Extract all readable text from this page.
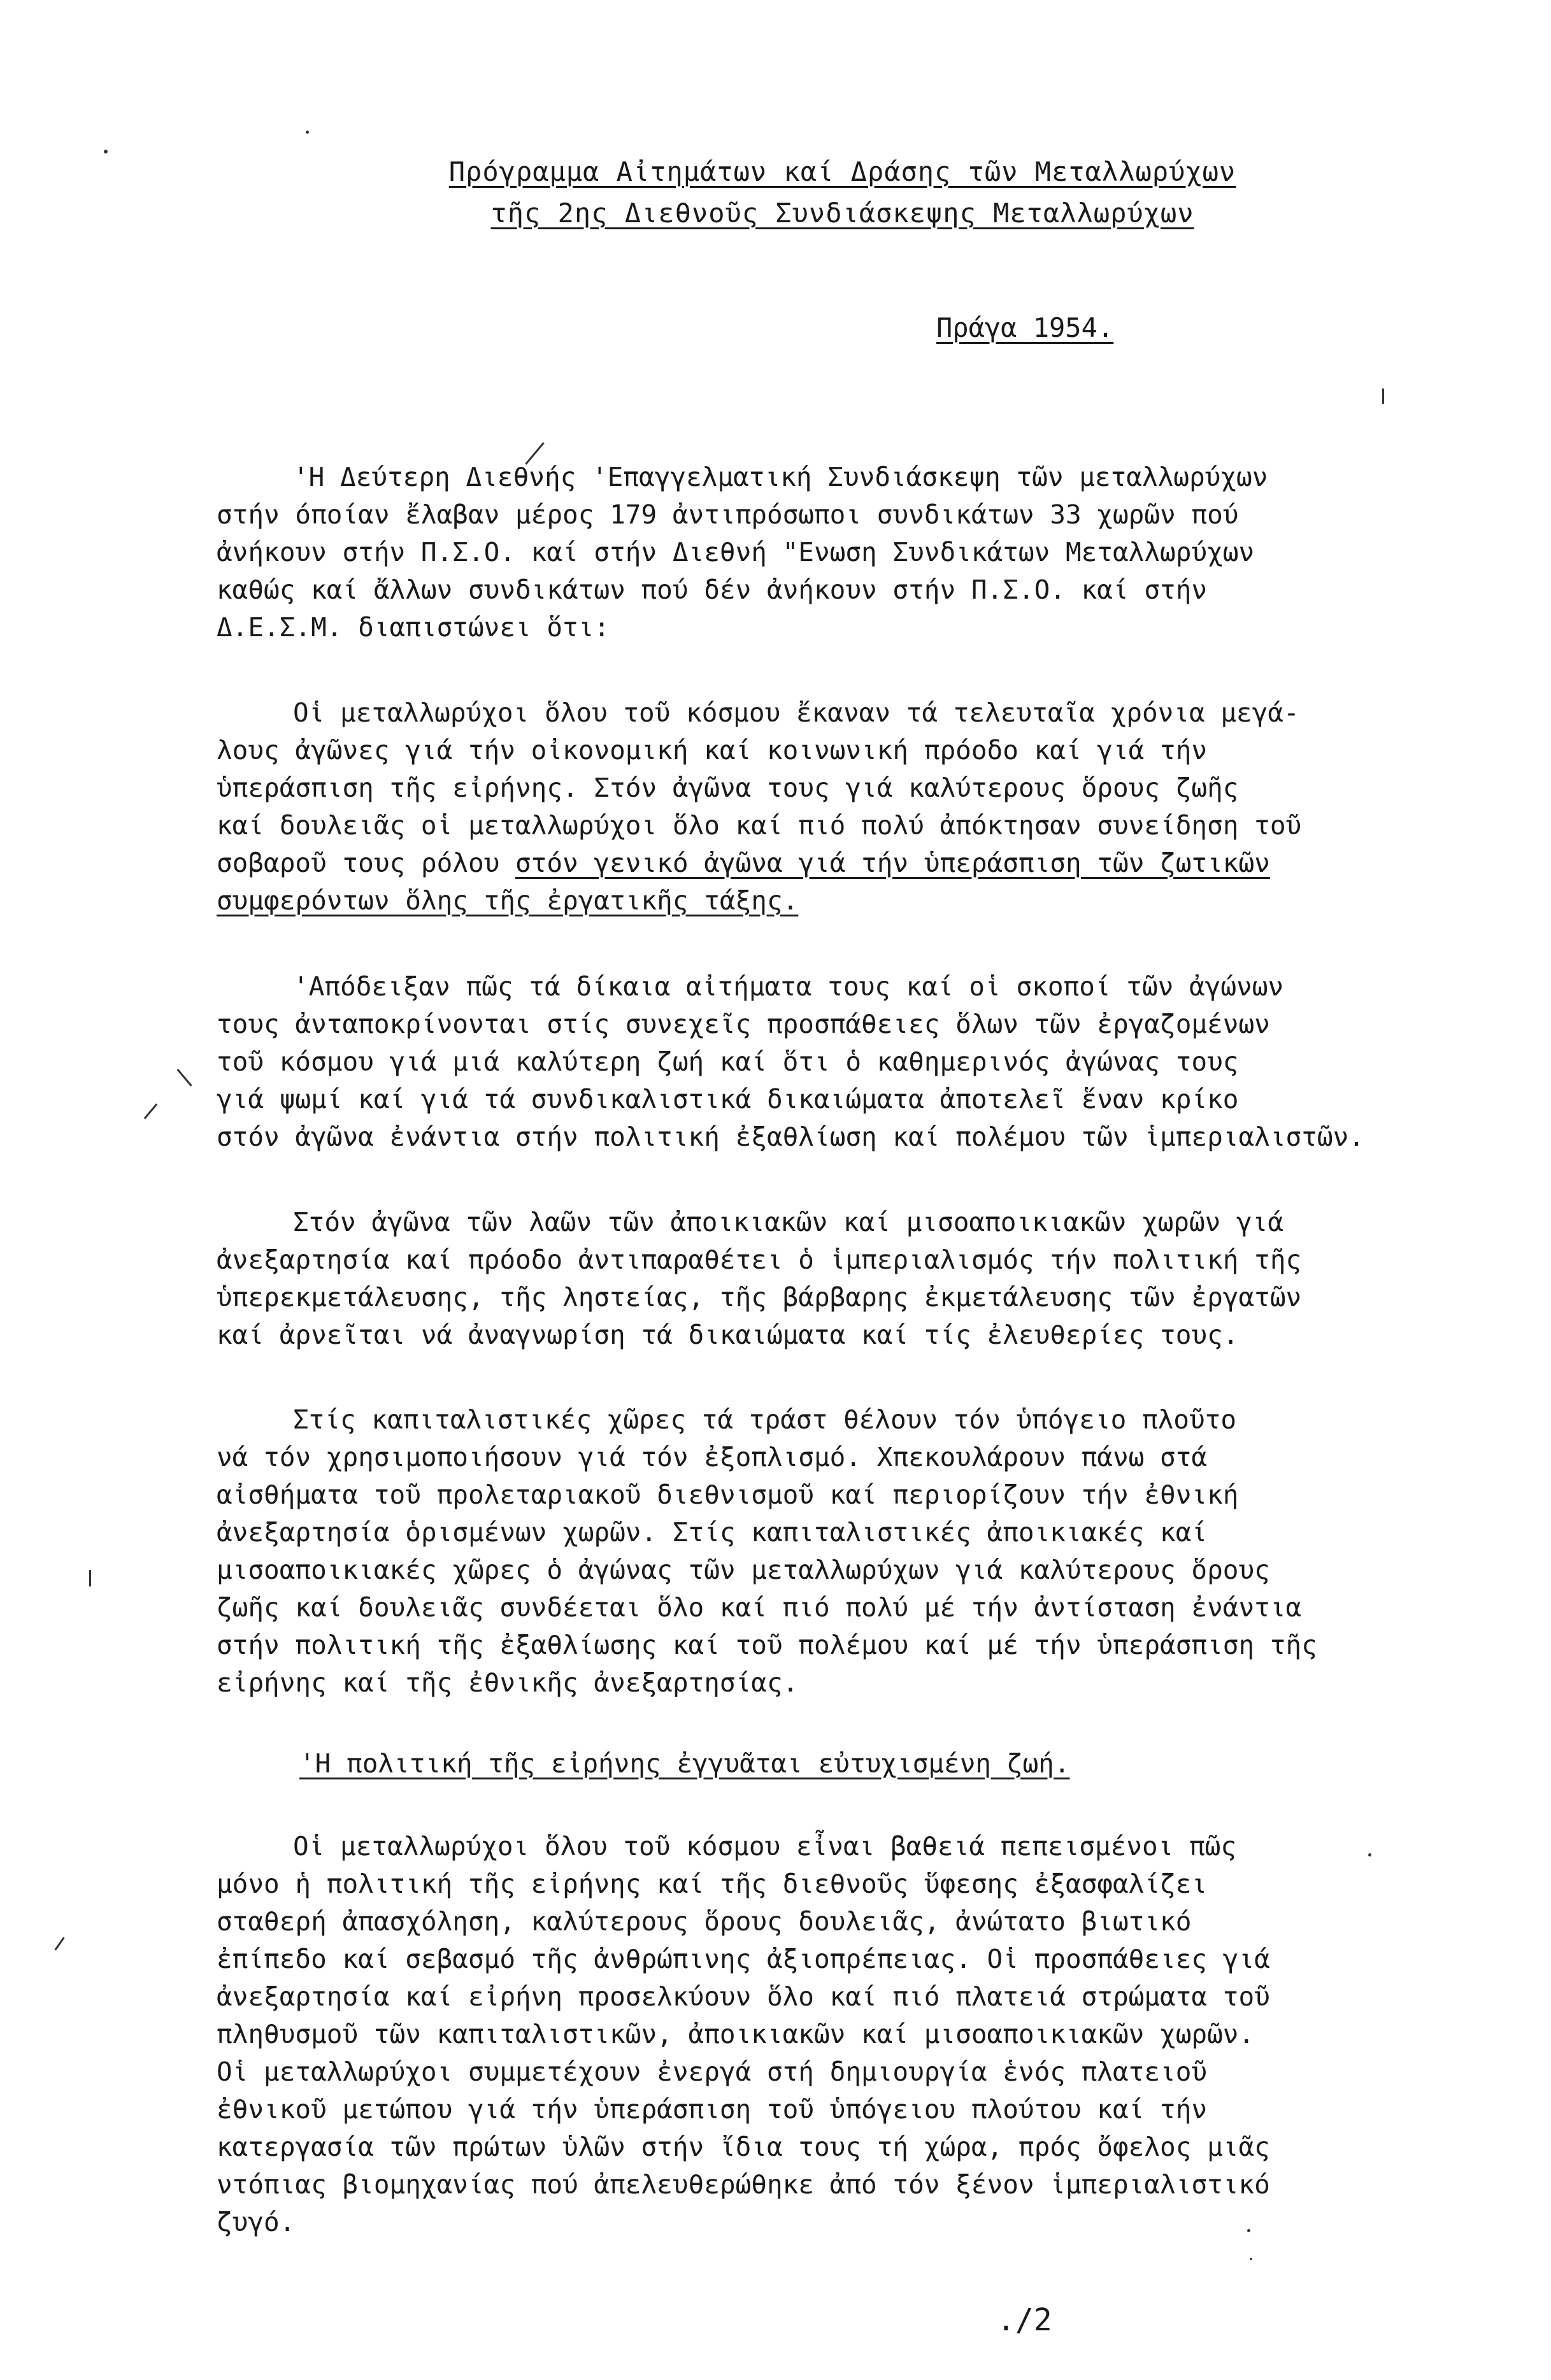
Πρόγραμμα Αἰτημάτων καί Δράσης τῶν Μεταλλωρύχων
τῆς 2ης Διεθνοῦς Συνδιάσκεψης Μεταλλωρύχων
Πράγα 1954.
'Η Δεύτερη Διεθνής 'Επαγγελματική Συνδιάσκεψη τῶν μεταλλωρύχων
στήν όποίαν ἔλαβαν μέρος 179 ἀντιπρόσωποι συνδικάτων 33 χωρῶν πού
ἀνήκουν στήν Π.Σ.Ο. καί στήν Διεθνή "Ενωση Συνδικάτων Μεταλλωρύχων
καθώς καί ἄλλων συνδικάτων πού δέν ἀνήκουν στήν Π.Σ.Ο. καί στήν
Δ.Ε.Σ.Μ. διαπιστώνει ὅτι:
Οἱ μεταλλωρύχοι ὅλου τοῦ κόσμου ἔκαναν τά τελευταῖα χρόνια μεγά-
λους ἀγῶνες γιά τήν οἰκονομική καί κοινωνική πρόοδο καί γιά τήν
ὑπεράσπιση τῆς εἰρήνης. Στόν ἀγῶνα τους γιά καλύτερους ὅρους ζωῆς
καί δουλειᾶς οἱ μεταλλωρύχοι ὅλο καί πιό πολύ ἀπόκτησαν συνείδηση τοῦ
σοβαροῦ τους ρόλου στόν γενικό ἀγῶνα γιά τήν ὑπεράσπιση τῶν ζωτικῶν
συμφερόντων ὅλης τῆς ἐργατικῆς τάξης.
'Απόδειξαν πῶς τά δίκαια αἰτήματα τους καί οἱ σκοποί τῶν ἀγώνων
τους ἀνταποκρίνονται στίς συνεχεῖς προσπάθειες ὅλων τῶν ἐργαζομένων
τοῦ κόσμου γιά μιά καλύτερη ζωή καί ὅτι ὁ καθημερινός ἀγώνας τους
γιά ψωμί καί γιά τά συνδικαλιστικά δικαιώματα ἀποτελεῖ ἕναν κρίκο
στόν ἀγῶνα ἐνάντια στήν πολιτική ἐξαθλίωση καί πολέμου τῶν ἱμπεριαλιστῶν.
Στόν ἀγῶνα τῶν λαῶν τῶν ἀποικιακῶν καί μισοαποικιακῶν χωρῶν γιά
ἀνεξαρτησία καί πρόοδο ἀντιπαραθέτει ὁ ἱμπεριαλισμός τήν πολιτική τῆς
ὑπερεκμετάλευσης, τῆς ληστείας, τῆς βάρβαρης ἐκμετάλευσης τῶν ἐργατῶν
καί ἀρνεῖται νά ἀναγνωρίση τά δικαιώματα καί τίς ἐλευθερίες τους.
Στίς καπιταλιστικές χῶρες τά τράστ θέλουν τόν ὑπόγειο πλοῦτο
νά τόν χρησιμοποιήσουν γιά τόν ἐξοπλισμό. Χπεκουλάρουν πάνω στά
αἰσθήματα τοῦ προλεταριακοῦ διεθνισμοῦ καί περιορίζουν τήν ἐθνική
ἀνεξαρτησία ὁρισμένων χωρῶν. Στίς καπιταλιστικές ἀποικιακές καί
μισοαποικιακές χῶρες ὁ ἀγώνας τῶν μεταλλωρύχων γιά καλύτερους ὅρους
ζωῆς καί δουλειᾶς συνδέεται ὅλο καί πιό πολύ μέ τήν ἀντίσταση ἐνάντια
στήν πολιτική τῆς ἐξαθλίωσης καί τοῦ πολέμου καί μέ τήν ὑπεράσπιση τῆς
εἰρήνης καί τῆς ἐθνικῆς ἀνεξαρτησίας.
'Η πολιτική τῆς εἰρήνης ἐγγυᾶται εὐτυχισμένη ζωή.
Οἱ μεταλλωρύχοι ὅλου τοῦ κόσμου εἶναι βαθειά πεπεισμένοι πῶς
μόνο ἡ πολιτική τῆς εἰρήνης καί τῆς διεθνοῦς ὕφεσης ἐξασφαλίζει
σταθερή ἀπασχόληση, καλύτερους ὅρους δουλειᾶς, ἀνώτατο βιωτικό
ἐπίπεδο καί σεβασμό τῆς ἀνθρώπινης ἀξιοπρέπειας. Οἱ προσπάθειες γιά
ἀνεξαρτησία καί εἰρήνη προσελκύουν ὅλο καί πιό πλατειά στρώματα τοῦ
πληθυσμοῦ τῶν καπιταλιστικῶν, ἀποικιακῶν καί μισοαποικιακῶν χωρῶν.
Οἱ μεταλλωρύχοι συμμετέχουν ἐνεργά στή δημιουργία ἑνός πλατειοῦ
ἐθνικοῦ μετώπου γιά τήν ὑπεράσπιση τοῦ ὑπόγειου πλούτου καί τήν
κατεργασία τῶν πρώτων ὑλῶν στήν ἴδια τους τή χώρα, πρός ὄφελος μιᾶς
ντόπιας βιομηχανίας πού ἀπελευθερώθηκε ἀπό τόν ξένον ἱμπεριαλιστικό
ζυγό.
./2
